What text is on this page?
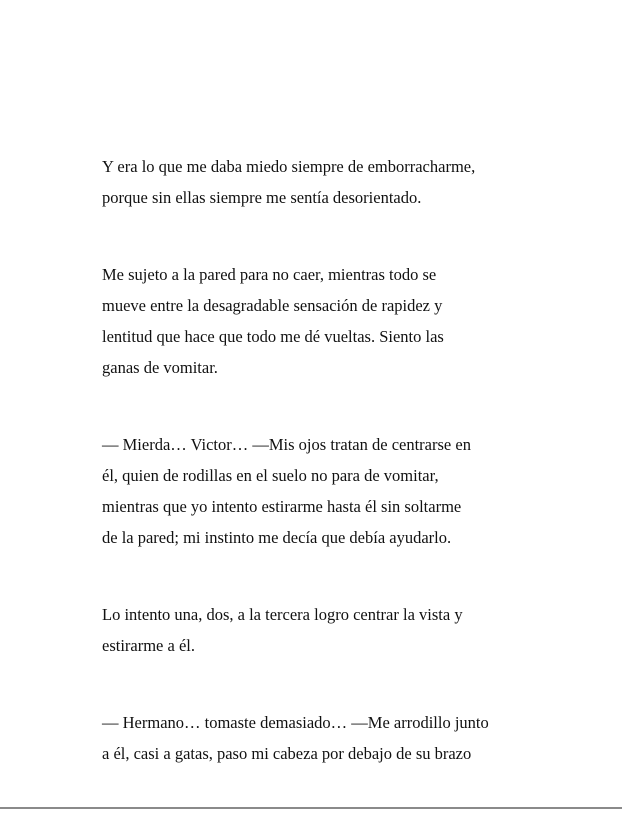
Y era lo que me daba miedo siempre de emborracharme,
porque sin ellas siempre me sentía desorientado.

Me sujeto a la pared para no caer, mientras todo se
mueve entre la desagradable sensación de rapidez y
lentitud que hace que todo me dé vueltas. Siento las
ganas de vomitar.

— Mierda… Victor… —Mis ojos tratan de centrarse en
él, quien de rodillas en el suelo no para de vomitar,
mientras que yo intento estirarme hasta él sin soltarme
de la pared; mi instinto me decía que debía ayudarlo.

Lo intento una, dos, a la tercera logro centrar la vista y
estirarme a él.

— Hermano… tomaste demasiado… —Me arrodillo junto
a él, casi a gatas, paso mi cabeza por debajo de su brazo
